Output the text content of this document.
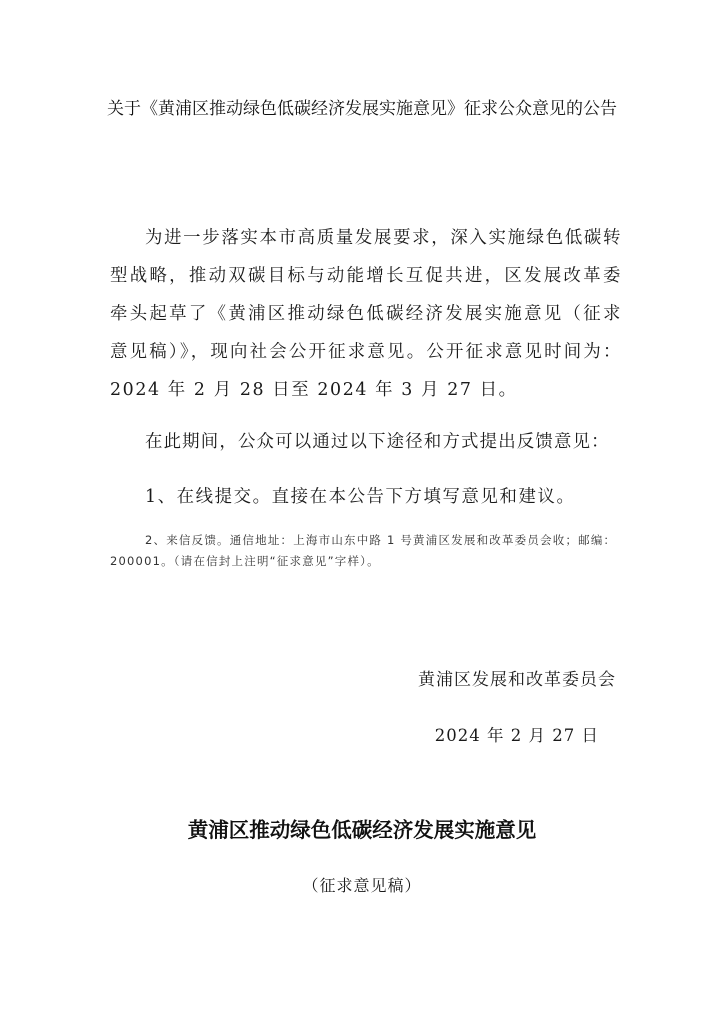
关于《黄浦区推动绿色低碳经济发展实施意见》征求公众意见的公告

为进一步落实本市高质量发展要求，深入实施绿色低碳转型战略，推动双碳目标与动能增长互促共进，区发展改革委牵头起草了《黄浦区推动绿色低碳经济发展实施意见（征求意见稿）》，现向社会公开征求意见。公开征求意见时间为：2024 年 2 月 28 日至 2024 年 3 月 27 日。

在此期间，公众可以通过以下途径和方式提出反馈意见：

1、在线提交。直接在本公告下方填写意见和建议。

2、来信反馈。通信地址：上海市山东中路 1 号黄浦区发展和改革委员会收；邮编：200001。（请在信封上注明“征求意见”字样）。

黄浦区发展和改革委员会

2024 年 2 月 27 日

黄浦区推动绿色低碳经济发展实施意见

（征求意见稿）
